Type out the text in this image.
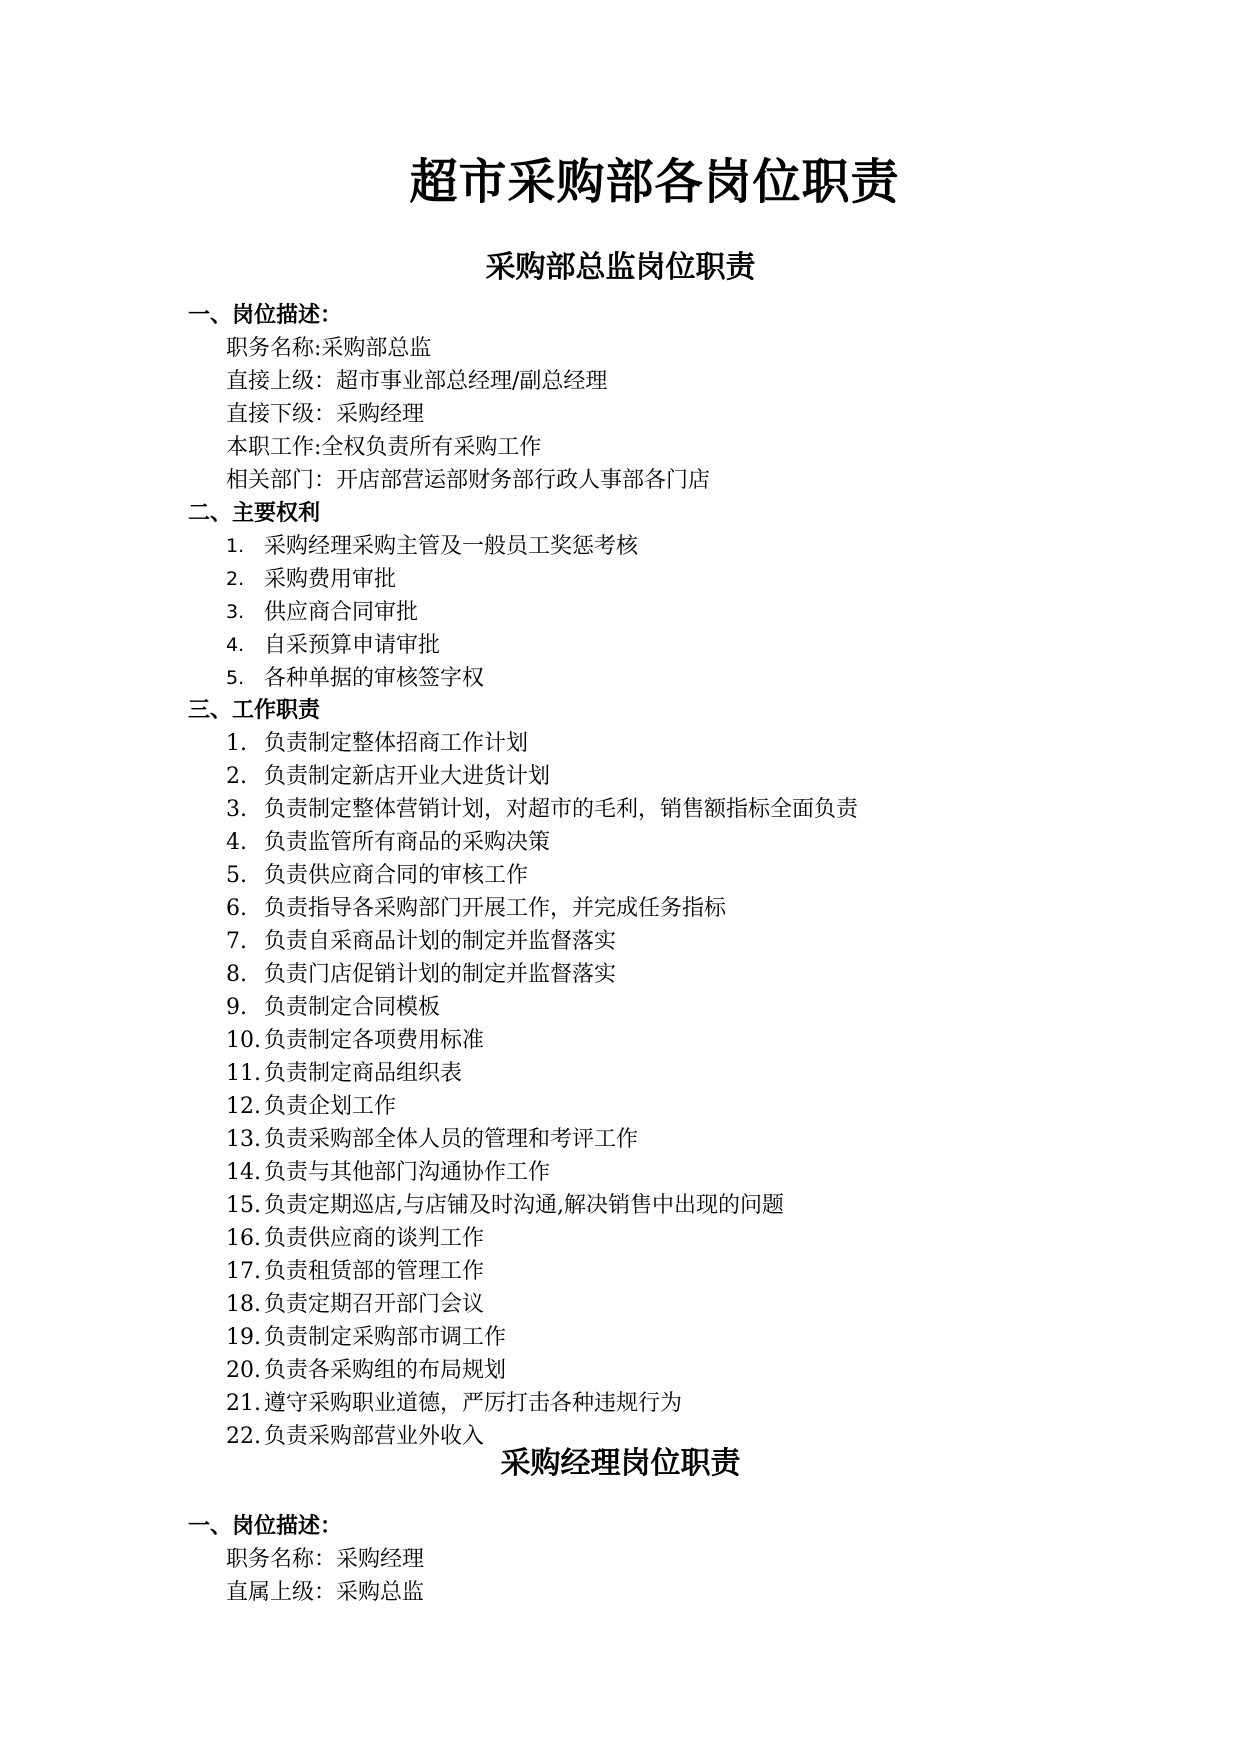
超市采购部各岗位职责
采购部总监岗位职责
一、岗位描述：
职务名称:采购部总监
直接上级：超市事业部总经理/副总经理
直接下级：采购经理
本职工作:全权负责所有采购工作
相关部门：开店部营运部财务部行政人事部各门店
二、主要权利
1. 采购经理采购主管及一般员工奖惩考核
2. 采购费用审批
3. 供应商合同审批
4. 自采预算申请审批
5. 各种单据的审核签字权
三、工作职责
1. 负责制定整体招商工作计划
2. 负责制定新店开业大进货计划
3. 负责制定整体营销计划，对超市的毛利，销售额指标全面负责
4. 负责监管所有商品的采购决策
5. 负责供应商合同的审核工作
6. 负责指导各采购部门开展工作，并完成任务指标
7. 负责自采商品计划的制定并监督落实
8. 负责门店促销计划的制定并监督落实
9. 负责制定合同模板
10. 负责制定各项费用标准
11. 负责制定商品组织表
12. 负责企划工作
13. 负责采购部全体人员的管理和考评工作
14. 负责与其他部门沟通协作工作
15. 负责定期巡店,与店铺及时沟通,解决销售中出现的问题
16. 负责供应商的谈判工作
17. 负责租赁部的管理工作
18. 负责定期召开部门会议
19. 负责制定采购部市调工作
20. 负责各采购组的布局规划
21. 遵守采购职业道德，严厉打击各种违规行为
22. 负责采购部营业外收入
采购经理岗位职责
一、岗位描述：
职务名称：采购经理
直属上级：采购总监
